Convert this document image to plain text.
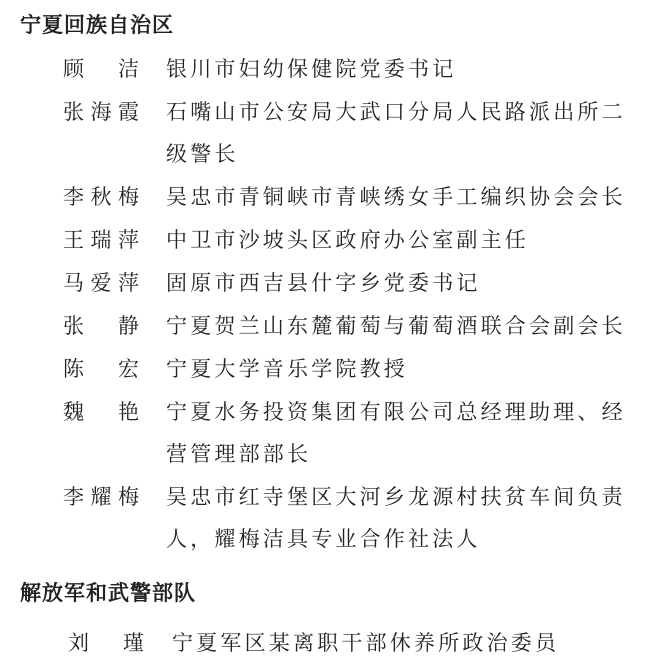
宁夏回族自治区
顾　洁 银川市妇幼保健院党委书记
张海霞 石嘴山市公安局大武口分局人民路派出所二级警长
李秋梅 吴忠市青铜峡市青峡绣女手工编织协会会长
王瑞萍 中卫市沙坡头区政府办公室副主任
马爱萍 固原市西吉县什字乡党委书记
张　静 宁夏贺兰山东麓葡萄与葡萄酒联合会副会长
陈　宏 宁夏大学音乐学院教授
魏　艳 宁夏水务投资集团有限公司总经理助理、经营管理部部长
李耀梅 吴忠市红寺堡区大河乡龙源村扶贫车间负责人，耀梅洁具专业合作社法人
解放军和武警部队
刘　瑾 宁夏军区某离职干部休养所政治委员
